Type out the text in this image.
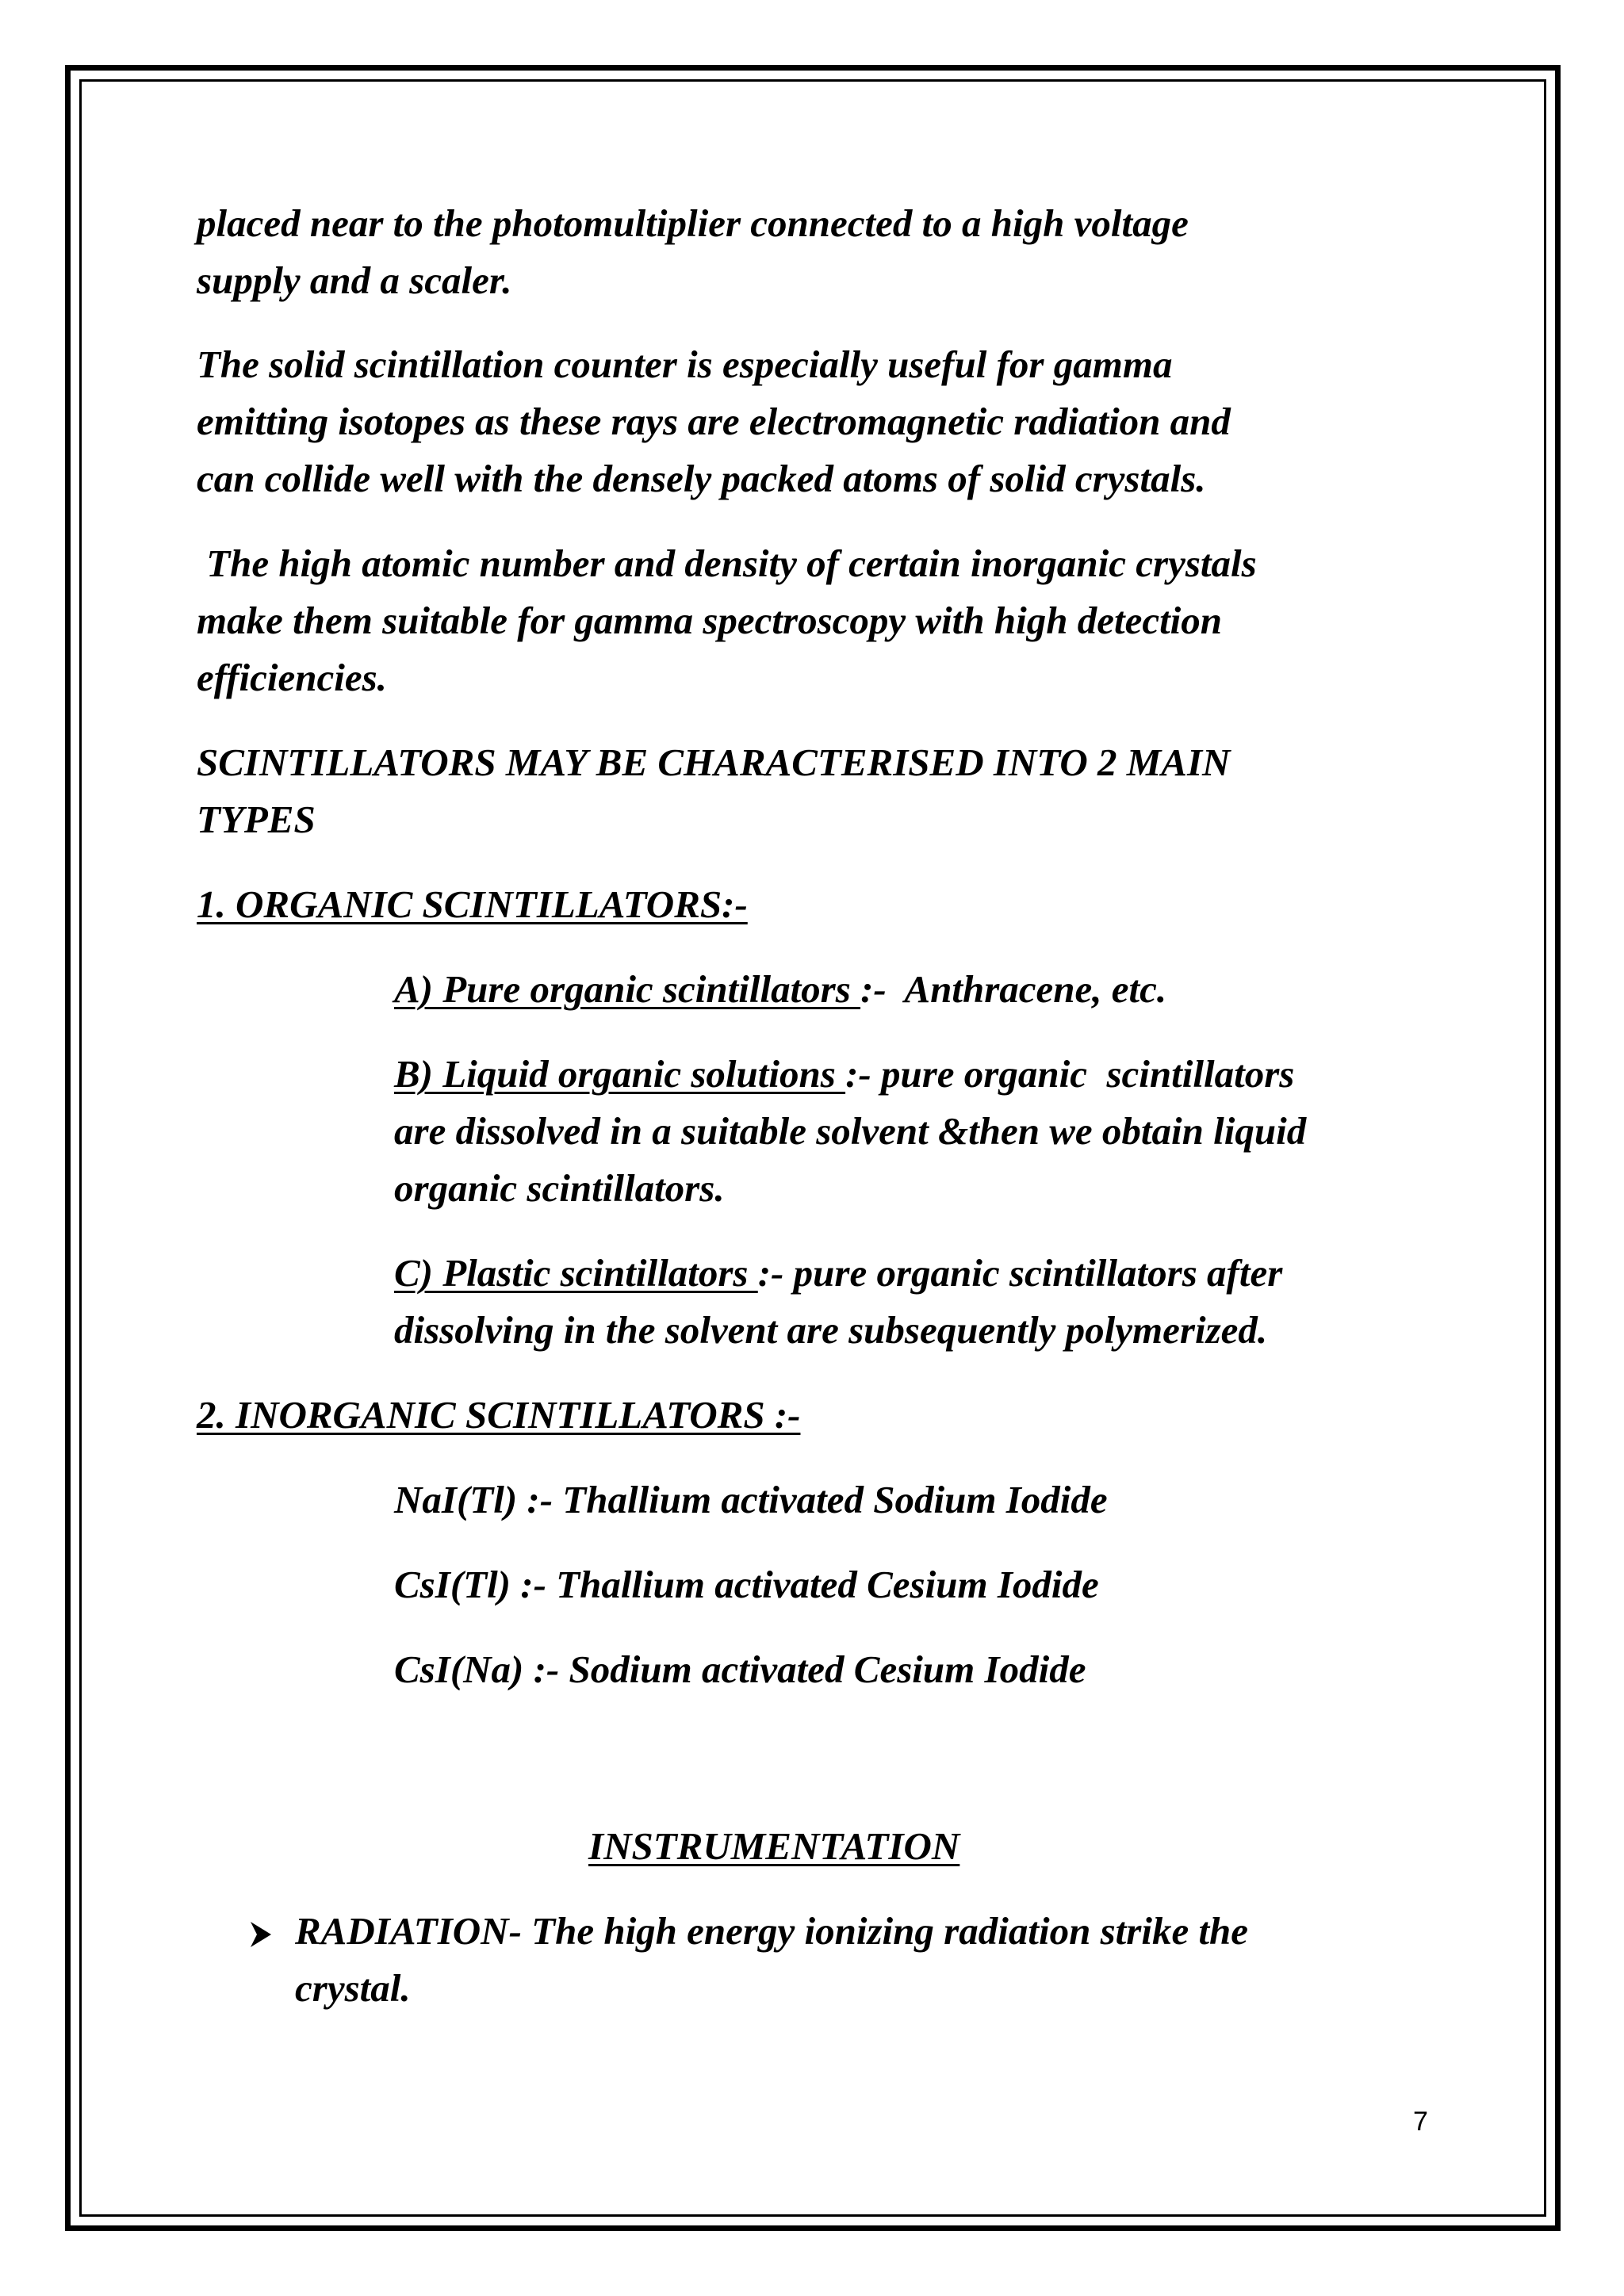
placed near to the photomultiplier connected to a high voltage
supply and a scaler.
The solid scintillation counter is especially useful for gamma
emitting isotopes as these rays are electromagnetic radiation and
can collide well with the densely packed atoms of solid crystals.
The high atomic number and density of certain inorganic crystals
make them suitable for gamma spectroscopy with high detection
efficiencies.
SCINTILLATORS MAY BE CHARACTERISED INTO 2 MAIN
TYPES
1. ORGANIC SCINTILLATORS:-
A) Pure organic scintillators :-  Anthracene, etc.
B) Liquid organic solutions :- pure organic  scintillators
are dissolved in a suitable solvent &then we obtain liquid
organic scintillators.
C) Plastic scintillators :- pure organic scintillators after
dissolving in the solvent are subsequently polymerized.
2. INORGANIC SCINTILLATORS :-
NaI(Tl) :- Thallium activated Sodium Iodide
CsI(Tl) :- Thallium activated Cesium Iodide
CsI(Na) :- Sodium activated Cesium Iodide
INSTRUMENTATION
RADIATION- The high energy ionizing radiation strike the
crystal.
7
